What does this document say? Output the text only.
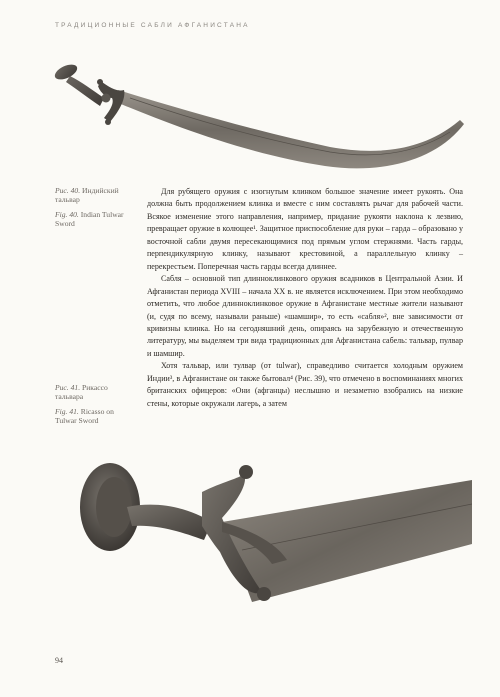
ТРАДИЦИОННЫЕ САБЛИ АФГАНИСТАНА

Рис. 40. Индийский тальвар

Fig. 40. Indian Tulwar Sword

Рис. 41. Рикассо тальвара

Fig. 41. Ricasso on Tulwar Sword

Для рубящего оружия с изогнутым клинком большое значение имеет рукоять. Она должна быть продолжением клинка и вместе с ним составлять рычаг для рабочей части. Всякое изменение этого направления, например, придание рукояти наклона к лезвию, превращает оружие в колющее¹. Защитное приспособление для руки – гарда – образовано у восточной сабли двумя пересекающимися под прямым углом стержнями. Часть гарды, перпендикулярную клинку, называют крестовиной, а параллельную клинку – перекрестьем. Поперечная часть гарды всегда длиннее.

Сабля – основной тип длинноклинкового оружия всадников в Центральной Азии. И Афганистан периода XVIII – начала XX в. не является исключением. При этом необходимо отметить, что любое длинноклинковое оружие в Афганистане местные жители называют (и, судя по всему, называли раньше) «шамшир», то есть «сабля»², вне зависимости от кривизны клинка. Но на сегодняшний день, опираясь на зарубежную и отечественную литературу, мы выделяем три вида традиционных для Афганистана сабель: тальвар, пулвар и шамшир.

Хотя тальвар, или тулвар (от tulwar), справедливо считается холодным оружием Индии³, в Афганистане он также бытовал⁴ (Рис. 39), что отмечено в воспоминаниях многих британских офицеров: «Они (афганцы) неслышно и незаметно взобрались на низкие стены, которые окружали лагерь, а затем

94
